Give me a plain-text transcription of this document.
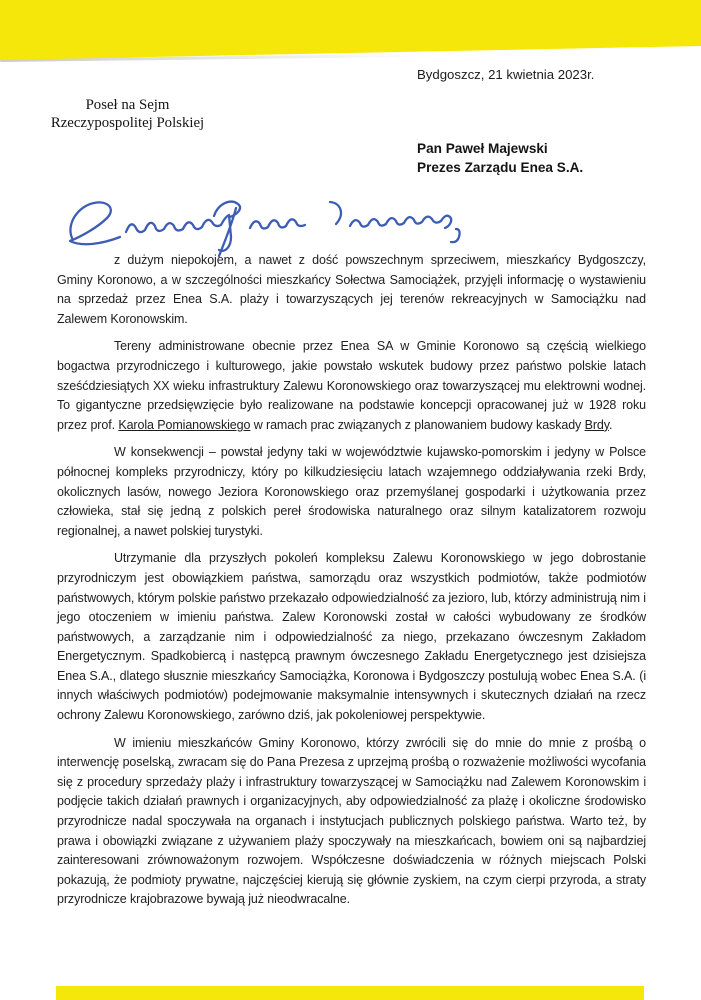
Bydgoszcz, 21 kwietnia 2023r.
Poseł na Sejm
Rzeczypospolitej Polskiej
Pan Paweł Majewski
Prezes Zarządu Enea S.A.

z dużym niepokojem, a nawet z dość powszechnym sprzeciwem, mieszkańcy Bydgoszczy, Gminy Koronowo, a w szczególności mieszkańcy Sołectwa Samociążek, przyjęli informację o wystawieniu na sprzedaż przez Enea S.A. plaży i towarzyszących jej terenów rekreacyjnych w Samociążku nad Zalewem Koronowskim.

Tereny administrowane obecnie przez Enea SA w Gminie Koronowo są częścią wielkiego bogactwa przyrodniczego i kulturowego, jakie powstało wskutek budowy przez państwo polskie latach sześćdziesiątych XX wieku infrastruktury Zalewu Koronowskiego oraz towarzyszącej mu elektrowni wodnej. To gigantyczne przedsięwzięcie było realizowane na podstawie koncepcji opracowanej już w 1928 roku przez prof. Karola Pomianowskiego w ramach prac związanych z planowaniem budowy kaskady Brdy.

W konsekwencji – powstał jedyny taki w województwie kujawsko-pomorskim i jedyny w Polsce północnej kompleks przyrodniczy, który po kilkudziesięciu latach wzajemnego oddziaływania rzeki Brdy, okolicznych lasów, nowego Jeziora Koronowskiego oraz przemyślanej gospodarki i użytkowania przez człowieka, stał się jedną z polskich pereł środowiska naturalnego oraz silnym katalizatorem rozwoju regionalnej, a nawet polskiej turystyki.

Utrzymanie dla przyszłych pokoleń kompleksu Zalewu Koronowskiego w jego dobrostanie przyrodniczym jest obowiązkiem państwa, samorządu oraz wszystkich podmiotów, także podmiotów państwowych, którym polskie państwo przekazało odpowiedzialność za jezioro, lub, którzy administrują nim i jego otoczeniem w imieniu państwa. Zalew Koronowski został w całości wybudowany ze środków państwowych, a zarządzanie nim i odpowiedzialność za niego, przekazano ówczesnym Zakładom Energetycznym. Spadkobiercą i następcą prawnym ówczesnego Zakładu Energetycznego jest dzisiejsza Enea S.A., dlatego słusznie mieszkańcy Samociążka, Koronowa i Bydgoszczy postulują wobec Enea S.A. (i innych właściwych podmiotów) podejmowanie maksymalnie intensywnych i skutecznych działań na rzecz ochrony Zalewu Koronowskiego, zarówno dziś, jak pokoleniowej perspektywie.

W imieniu mieszkańców Gminy Koronowo, którzy zwrócili się do mnie do mnie z prośbą o interwencję poselską, zwracam się do Pana Prezesa z uprzejmą prośbą o rozważenie możliwości wycofania się z procedury sprzedaży plaży i infrastruktury towarzyszącej w Samociążku nad Zalewem Koronowskim i podjęcie takich działań prawnych i organizacyjnych, aby odpowiedzialność za plażę i okoliczne środowisko przyrodnicze nadal spoczywała na organach i instytucjach publicznych polskiego państwa. Warto też, by prawa i obowiązki związane z używaniem plaży spoczywały na mieszkańcach, bowiem oni są najbardziej zainteresowani zrównoważonym rozwojem. Współczesne doświadczenia w różnych miejscach Polski pokazują, że podmioty prywatne, najczęściej kierują się głównie zyskiem, na czym cierpi przyroda, a straty przyrodnicze krajobrazowe bywają już nieodwracalne.
